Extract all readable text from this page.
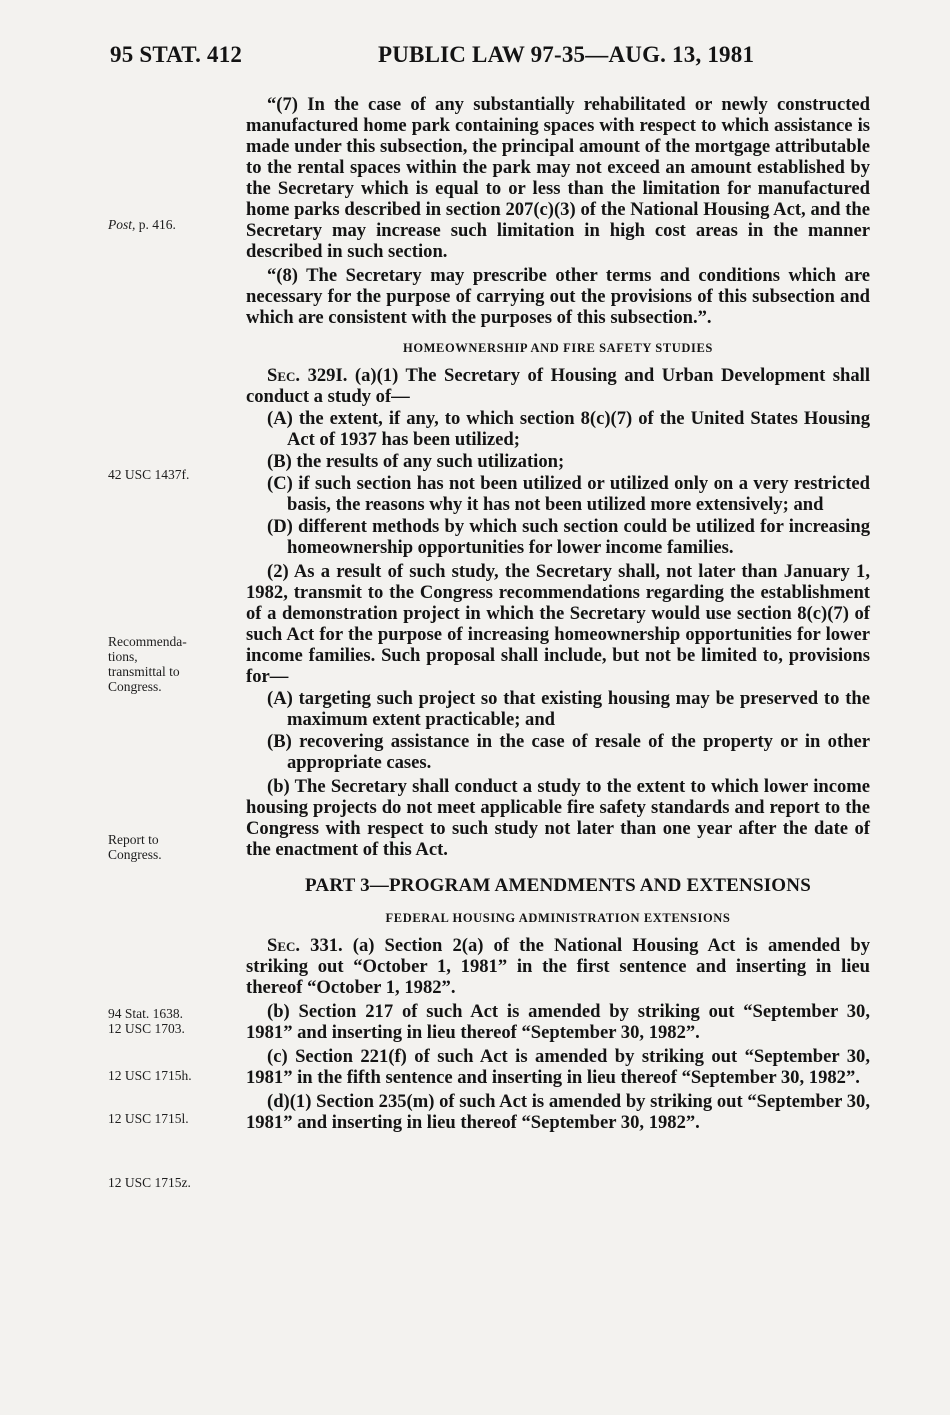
95 STAT. 412	PUBLIC LAW 97-35—AUG. 13, 1981
Post, p. 416.
42 USC 1437f.
Recommenda-
tions,
transmittal to
Congress.
Report to
Congress.
94 Stat. 1638.
12 USC 1703.
12 USC 1715h.
12 USC 1715l.
12 USC 1715z.

“(7) In the case of any substantially rehabilitated or newly constructed manufactured home park containing spaces with respect to which assistance is made under this subsection, the principal amount of the mortgage attributable to the rental spaces within the park may not exceed an amount established by the Secretary which is equal to or less than the limitation for manufactured home parks described in section 207(c)(3) of the National Housing Act, and the Secretary may increase such limitation in high cost areas in the manner described in such section.

“(8) The Secretary may prescribe other terms and conditions which are necessary for the purpose of carrying out the provisions of this subsection and which are consistent with the purposes of this subsection.”.

HOMEOWNERSHIP AND FIRE SAFETY STUDIES

Sec. 329I. (a)(1) The Secretary of Housing and Urban Development shall conduct a study of—

(A) the extent, if any, to which section 8(c)(7) of the United States Housing Act of 1937 has been utilized;

(B) the results of any such utilization;

(C) if such section has not been utilized or utilized only on a very restricted basis, the reasons why it has not been utilized more extensively; and

(D) different methods by which such section could be utilized for increasing homeownership opportunities for lower income families.

(2) As a result of such study, the Secretary shall, not later than January 1, 1982, transmit to the Congress recommendations regarding the establishment of a demonstration project in which the Secretary would use section 8(c)(7) of such Act for the purpose of increasing homeownership opportunities for lower income families. Such proposal shall include, but not be limited to, provisions for—

(A) targeting such project so that existing housing may be preserved to the maximum extent practicable; and

(B) recovering assistance in the case of resale of the property or in other appropriate cases.

(b) The Secretary shall conduct a study to the extent to which lower income housing projects do not meet applicable fire safety standards and report to the Congress with respect to such study not later than one year after the date of the enactment of this Act.

PART 3—PROGRAM AMENDMENTS AND EXTENSIONS

FEDERAL HOUSING ADMINISTRATION EXTENSIONS

Sec. 331. (a) Section 2(a) of the National Housing Act is amended by striking out “October 1, 1981” in the first sentence and inserting in lieu thereof “October 1, 1982”.

(b) Section 217 of such Act is amended by striking out “September 30, 1981” and inserting in lieu thereof “September 30, 1982”.

(c) Section 221(f) of such Act is amended by striking out “September 30, 1981” in the fifth sentence and inserting in lieu thereof “September 30, 1982”.

(d)(1) Section 235(m) of such Act is amended by striking out “September 30, 1981” and inserting in lieu thereof “September 30, 1982”.
